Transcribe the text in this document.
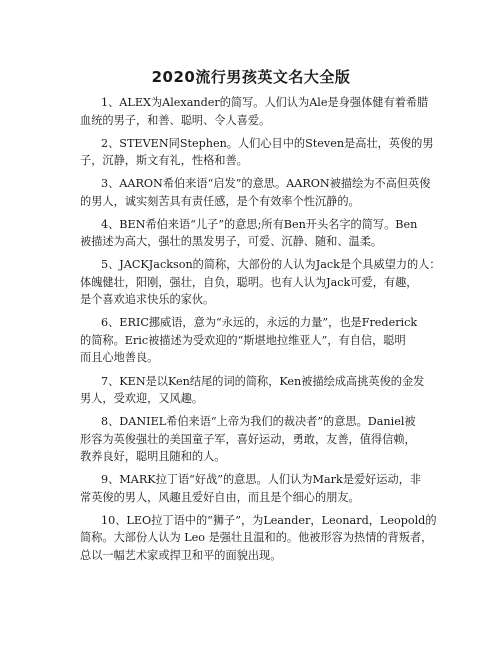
2020流行男孩英文名大全版
1、ALEX为Alexander的简写。人们认为Ale是身强体健有着希腊
血统的男子，和善、聪明、令人喜爱。
2、STEVEN同Stephen。人们心目中的Steven是高壮，英俊的男
子，沉静，斯文有礼，性格和善。
3、AARON希伯来语“启发”的意思。AARON被描绘为不高但英俊
的男人，诚实刻苦具有责任感，是个有效率个性沉静的。
4、BEN希伯来语“儿子”的意思;所有Ben开头名字的简写。Ben
被描述为高大，强壮的黑发男子，可爱、沉静、随和、温柔。
5、JACKJackson的简称，大部份的人认为Jack是个具威望力的人：
体魄健壮，阳刚，强壮，自负，聪明。也有人认为Jack可爱，有趣，
是个喜欢追求快乐的家伙。
6、ERIC挪威语，意为“永远的，永远的力量”，也是Frederick
的简称。Eric被描述为受欢迎的“斯堪地拉维亚人”，有自信，聪明
而且心地善良。
7、KEN是以Ken结尾的词的简称，Ken被描绘成高挑英俊的金发
男人，受欢迎，又风趣。
8、DANIEL希伯来语“上帝为我们的裁决者”的意思。Daniel被
形容为英俊强壮的美国童子军，喜好运动，勇敢，友善，值得信赖，
教养良好，聪明且随和的人。
9、MARK拉丁语“好战”的意思。人们认为Mark是爱好运动，非
常英俊的男人，风趣且爱好自由，而且是个细心的朋友。
10、LEO拉丁语中的“狮子”，为Leander，Leonard，Leopold的
简称。大部份人认为 Leo 是强壮且温和的。他被形容为热情的背叛者，
总以一幅艺术家或捍卫和平的面貌出现。
